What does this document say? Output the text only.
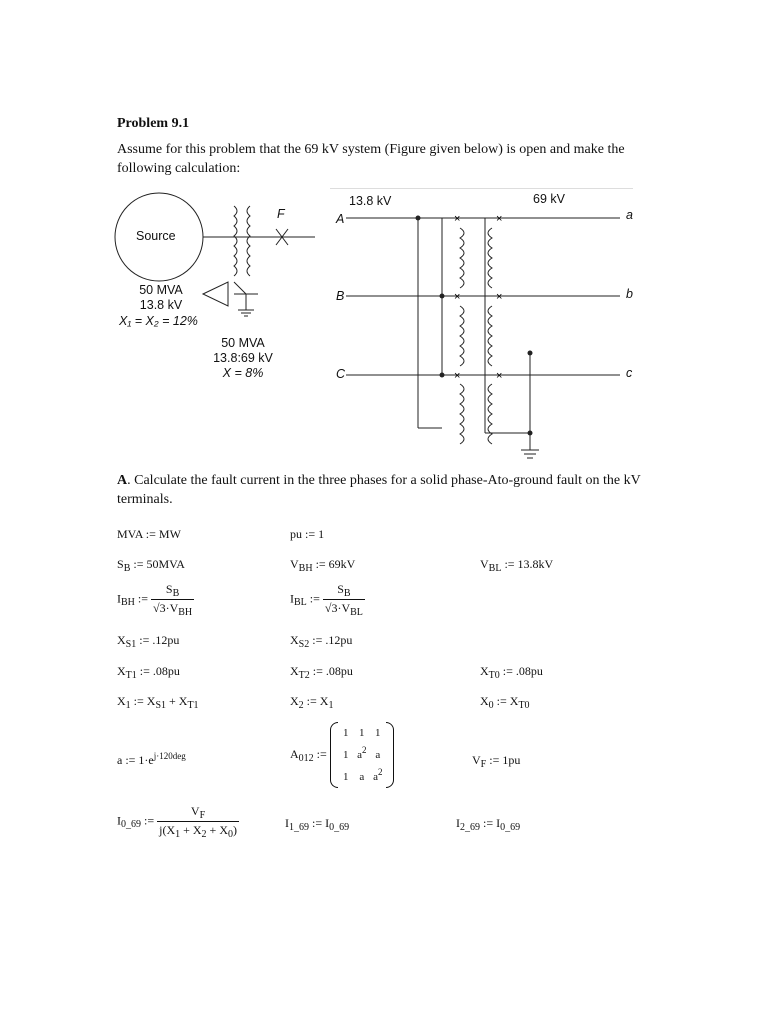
Problem 9.1
Assume for this problem that the 69 kV system (Figure given below) is open and make the following calculation:
Source
F
50 MVA
13.8 kV
X₁ = X₂ = 12%
50 MVA
13.8:69 kV
X = 8%
×
×
×
×
×
×
13.8 kV	69 kV
A
B
C
a
b
c
A. Calculate the fault current in the three phases for a solid phase-Ato-ground fault on the kV terminals.
MVA := MW	pu := 1
$S_B$ := 50MVA	$V_{BH}$ := 69kV	$V_{BL}$ := 13.8kV
$I_{BH}$ := $\frac{S_B}{√3\cdot V_{BH}}$	$I_{BL}$ := $\frac{S_B}{√3\cdot V_{BL}}$
$X_{S1}$ := .12pu	$X_{S2}$ := .12pu
$X_{T1}$ := .08pu	$X_{T2}$ := .08pu	$X_{T0}$ := .08pu
$X_1$ := $X_{S1} + X_{T1}$	$X_2$ := $X_1$	$X_0$ := $X_{T0}$
a := $1\cdot e^{j\cdot 120deg}$	$A_{012}$ :=
1	1	1
1	$a^2$	a
1	a	$a^2$
$V_F$ := 1pu
$I_{0\_69}$ := $\frac{V_F}{j(X_1 + X_2 + X_0)}$	$I_{1\_69}$ := $I_{0\_69}$	$I_{2\_69}$ := $I_{0\_69}$
